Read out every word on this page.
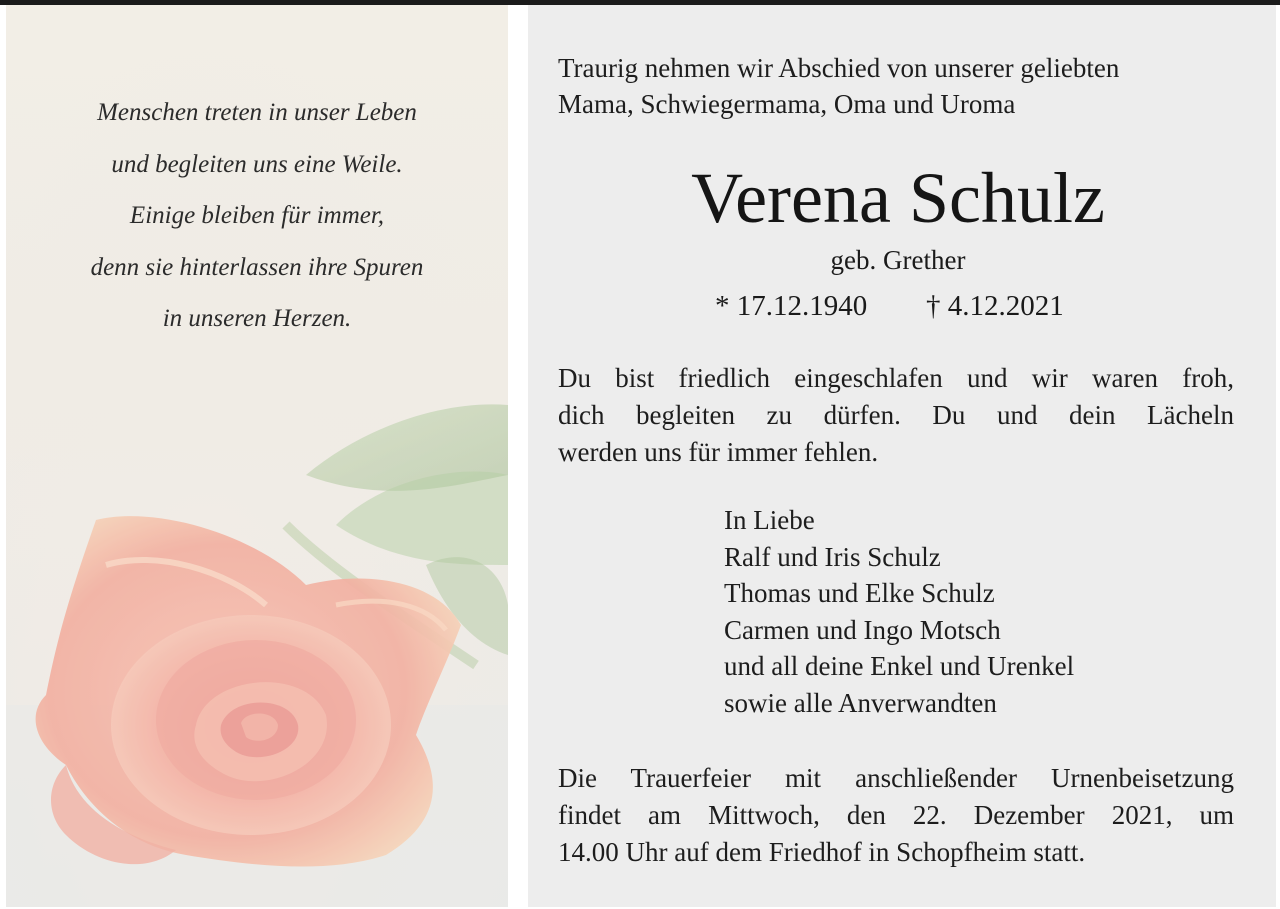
Menschen treten in unser Leben
und begleiten uns eine Weile.
Einige bleiben für immer,
denn sie hinterlassen ihre Spuren
in unseren Herzen.
Traurig nehmen wir Abschied von unserer geliebten
Mama, Schwiegermama, Oma und Uroma
Verena Schulz
geb. Grether
* 17.12.1940 † 4.12.2021
Du bist friedlich eingeschlafen und wir waren froh,
dich begleiten zu dürfen. Du und dein Lächeln
werden uns für immer fehlen.
In Liebe
Ralf und Iris Schulz
Thomas und Elke Schulz
Carmen und Ingo Motsch
und all deine Enkel und Urenkel
sowie alle Anverwandten
Die Trauerfeier mit anschließender Urnenbeisetzung
findet am Mittwoch, den 22. Dezember 2021, um
14.00 Uhr auf dem Friedhof in Schopfheim statt.
